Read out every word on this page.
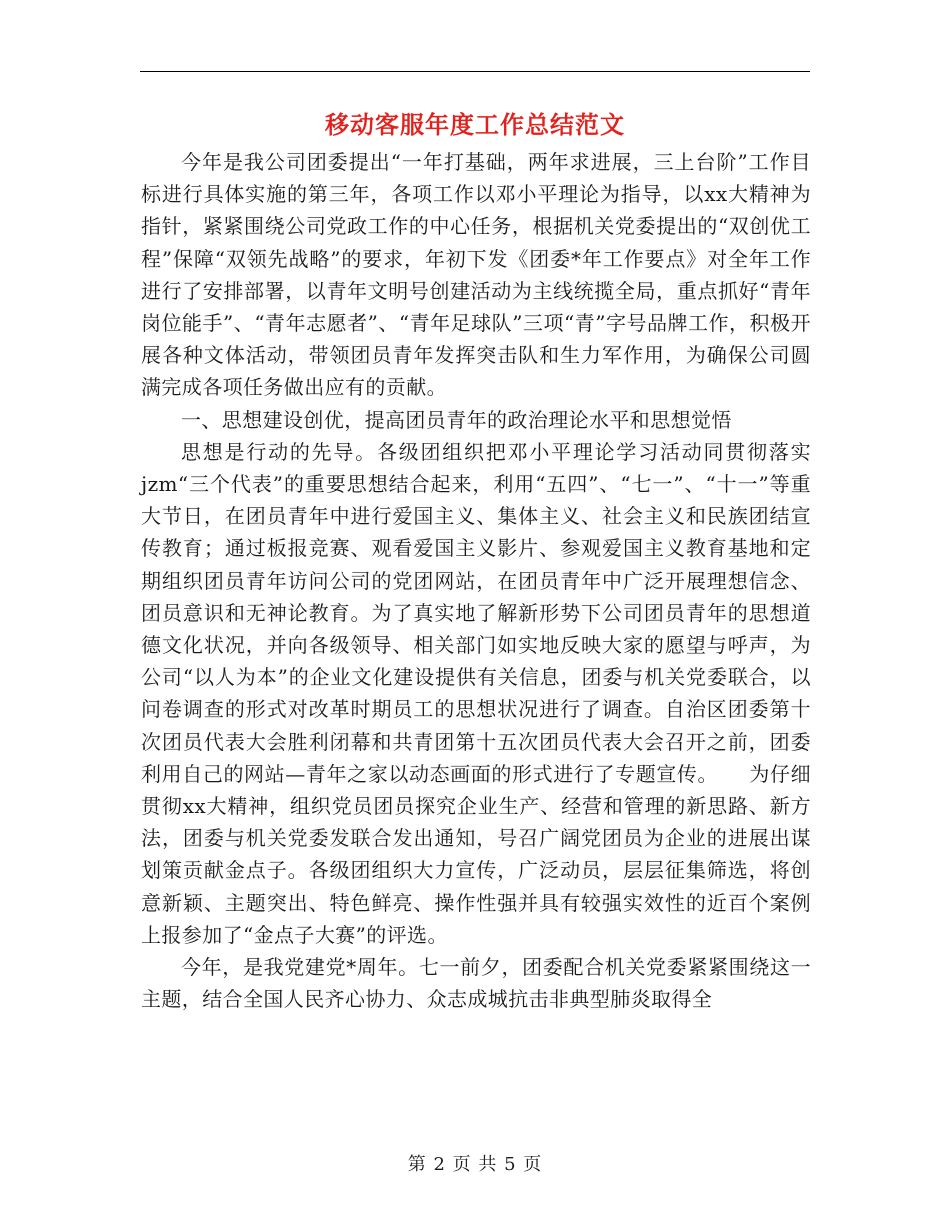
移动客服年度工作总结范文

今年是我公司团委提出“一年打基础，两年求进展，三上台阶”工作目标进行具体实施的第三年，各项工作以邓小平理论为指导，以xx大精神为指针，紧紧围绕公司党政工作的中心任务，根据机关党委提出的“双创优工程”保障“双领先战略”的要求，年初下发《团委*年工作要点》对全年工作进行了安排部署，以青年文明号创建活动为主线统揽全局，重点抓好“青年岗位能手”、“青年志愿者”、“青年足球队”三项“青”字号品牌工作，积极开展各种文体活动，带领团员青年发挥突击队和生力军作用，为确保公司圆满完成各项任务做出应有的贡献。

一、思想建设创优，提高团员青年的政治理论水平和思想觉悟

思想是行动的先导。各级团组织把邓小平理论学习活动同贯彻落实jzm“三个代表”的重要思想结合起来，利用“五四”、“七一”、“十一”等重大节日，在团员青年中进行爱国主义、集体主义、社会主义和民族团结宣传教育；通过板报竞赛、观看爱国主义影片、参观爱国主义教育基地和定期组织团员青年访问公司的党团网站，在团员青年中广泛开展理想信念、团员意识和无神论教育。为了真实地了解新形势下公司团员青年的思想道德文化状况，并向各级领导、相关部门如实地反映大家的愿望与呼声，为公司“以人为本”的企业文化建设提供有关信息，团委与机关党委联合，以问卷调查的形式对改革时期员工的思想状况进行了调查。自治区团委第十次团员代表大会胜利闭幕和共青团第十五次团员代表大会召开之前，团委利用自己的网站—青年之家以动态画面的形式进行了专题宣传。　　为仔细贯彻xx大精神，组织党员团员探究企业生产、经营和管理的新思路、新方法，团委与机关党委发联合发出通知，号召广阔党团员为企业的进展出谋划策贡献金点子。各级团组织大力宣传，广泛动员，层层征集筛选，将创意新颖、主题突出、特色鲜亮、操作性强并具有较强实效性的近百个案例上报参加了“金点子大赛”的评选。

今年，是我党建党*周年。七一前夕，团委配合机关党委紧紧围绕这一主题，结合全国人民齐心协力、众志成城抗击非典型肺炎取得全

第 2 页 共 5 页
